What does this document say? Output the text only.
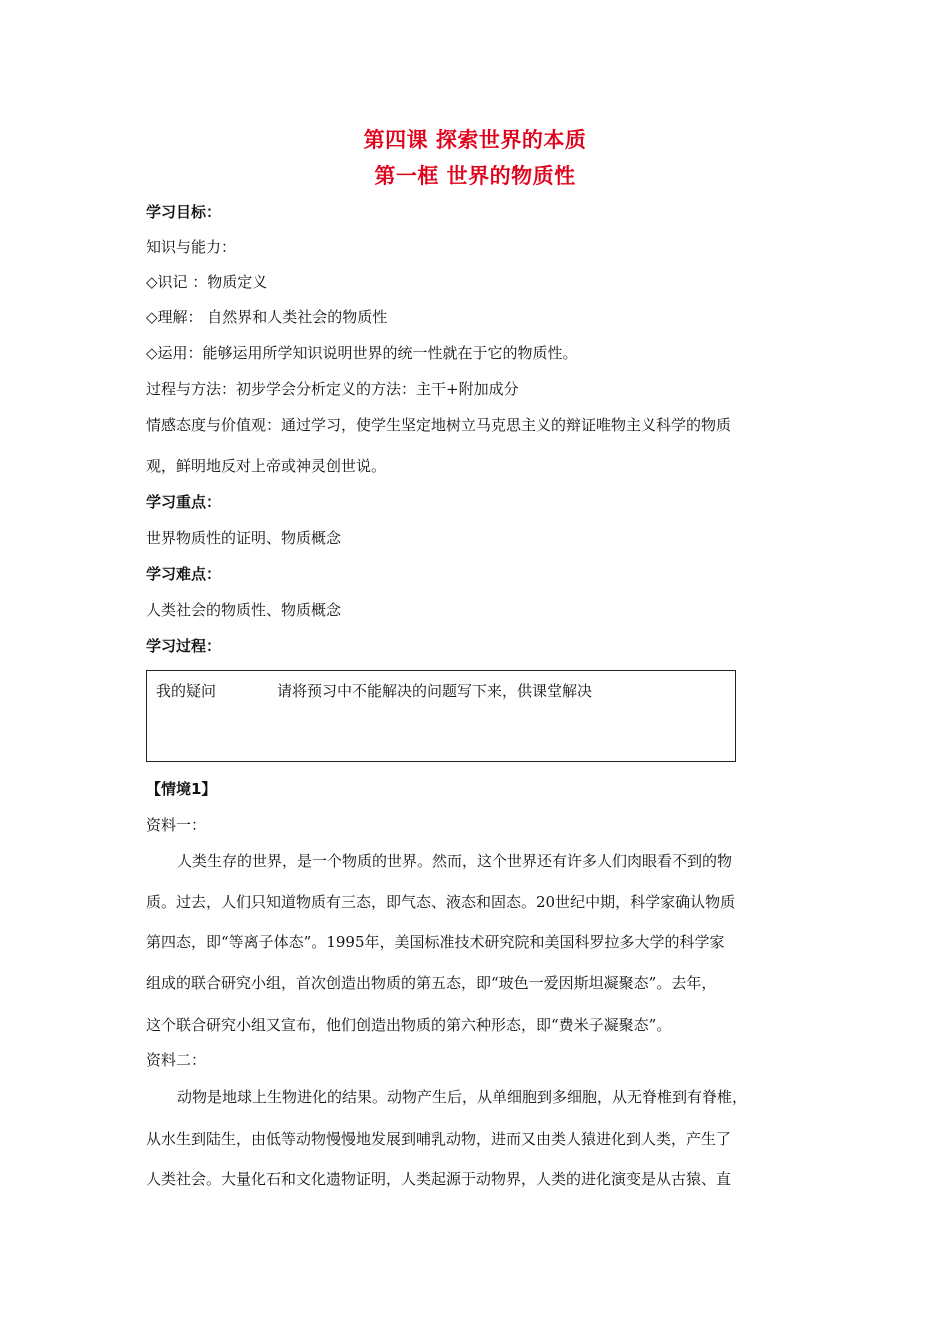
第四课 探索世界的本质
第一框 世界的物质性
学习目标：
知识与能力：
◇识记 ：物质定义
◇理解： 自然界和人类社会的物质性
◇运用：能够运用所学知识说明世界的统一性就在于它的物质性。
过程与方法：初步学会分析定义的方法：主干+附加成分
情感态度与价值观：通过学习，使学生坚定地树立马克思主义的辩证唯物主义科学的物质
观，鲜明地反对上帝或神灵创世说。
学习重点：
世界物质性的证明、物质概念
学习难点：
人类社会的物质性、物质概念
学习过程：
我的疑问	请将预习中不能解决的问题写下来，供课堂解决
【情境1】
资料一：
人类生存的世界，是一个物质的世界。然而，这个世界还有许多人们肉眼看不到的物
质。过去，人们只知道物质有三态，即气态、液态和固态。20世纪中期，科学家确认物质
第四态，即“等离子体态”。1995年，美国标准技术研究院和美国科罗拉多大学的科学家
组成的联合研究小组，首次创造出物质的第五态，即“玻色一爱因斯坦凝聚态”。去年，
这个联合研究小组又宣布，他们创造出物质的第六种形态，即“费米子凝聚态”。
资料二：
动物是地球上生物进化的结果。动物产生后，从单细胞到多细胞，从无脊椎到有脊椎，
从水生到陆生，由低等动物慢慢地发展到哺乳动物，进而又由类人猿进化到人类，产生了
人类社会。大量化石和文化遗物证明，人类起源于动物界，人类的进化演变是从古猿、直
